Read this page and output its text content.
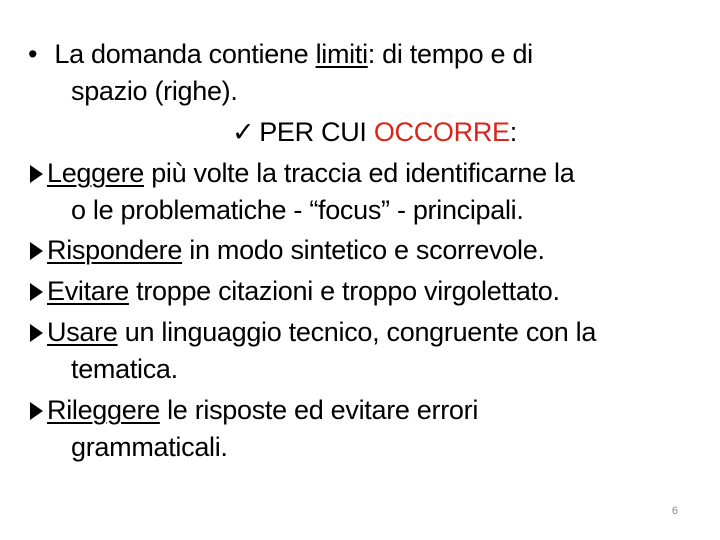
• La domanda contiene limiti: di tempo e di
spazio (righe).
✓ PER CUI OCCORRE:
Leggere più volte la traccia ed identificarne la
o le problematiche - “focus” - principali.
Rispondere in modo sintetico e scorrevole.
Evitare troppe citazioni e troppo virgolettato.
Usare un linguaggio tecnico, congruente con la
tematica.
Rileggere le risposte ed evitare errori
grammaticali.
6
